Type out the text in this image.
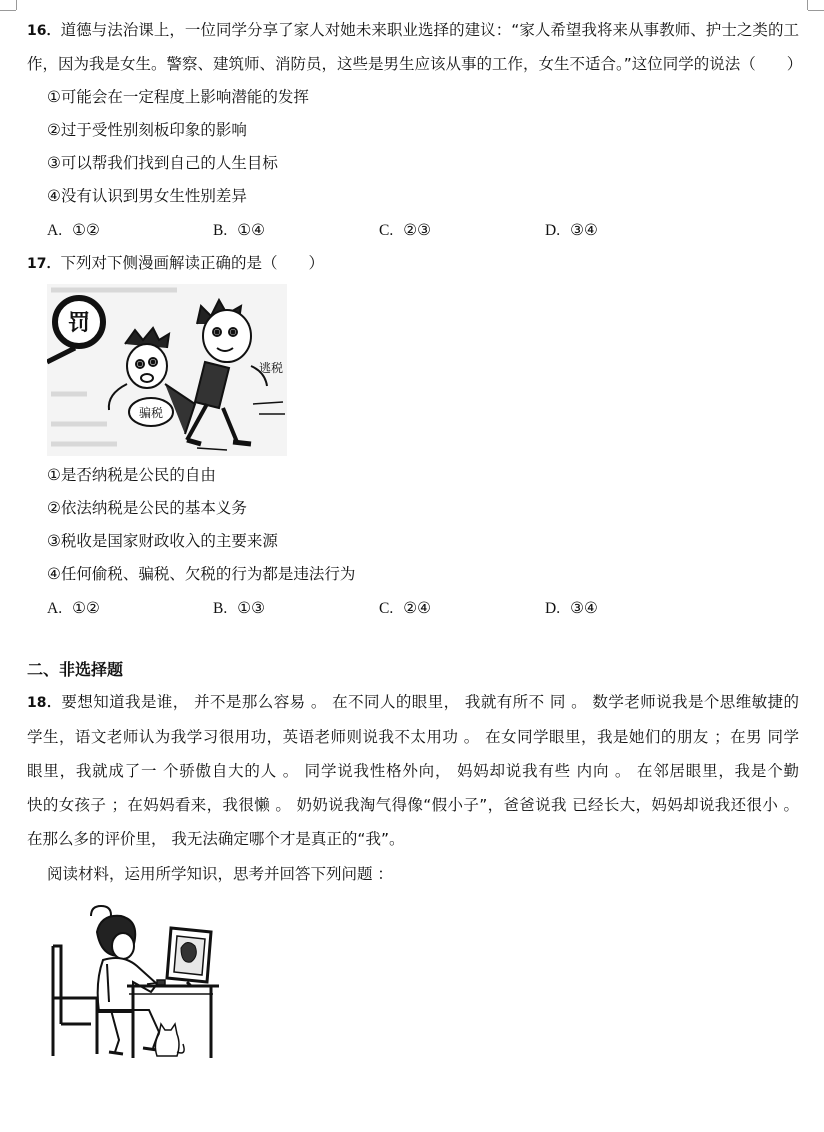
16．道德与法治课上，一位同学分享了家人对她未来职业选择的建议：“家人希望我将来从事教师、护士之类的工
作，因为我是女生。警察、建筑师、消防员，这些是男生应该从事的工作，女生不适合。”这位同学的说法（　　）
①可能会在一定程度上影响潜能的发挥
②过于受性别刻板印象的影响
③可以帮我们找到自己的人生目标
④没有认识到男女生性别差异
A. ①②	B. ①④	C. ②③	D. ③④
17．下列对下侧漫画解读正确的是（　　）
罚
骗税
逃税
①是否纳税是公民的自由
②依法纳税是公民的基本义务
③税收是国家财政收入的主要来源
④任何偷税、骗税、欠税的行为都是违法行为
A. ①②	B. ①③	C. ②④	D. ③④
二、非选择题
18．要想知道我是谁， 并不是那么容易 。 在不同人的眼里， 我就有所不 同 。 数学老师说我是个思维敏捷的
学生，语文老师认为我学习很用功，英语老师则说我不太用功 。 在女同学眼里，我是她们的朋友 ；在男 同学
眼里，我就成了一 个骄傲自大的人 。 同学说我性格外向， 妈妈却说我有些 内向 。 在邻居眼里，我是个勤
快的女孩子 ；在妈妈看来，我很懒 。 奶奶说我淘气得像“假小子”，爸爸说我 已经长大，妈妈却说我还很小 。
在那么多的评价里， 我无法确定哪个才是真正的“我”。
阅读材料，运用所学知识，思考并回答下列问题 ：
